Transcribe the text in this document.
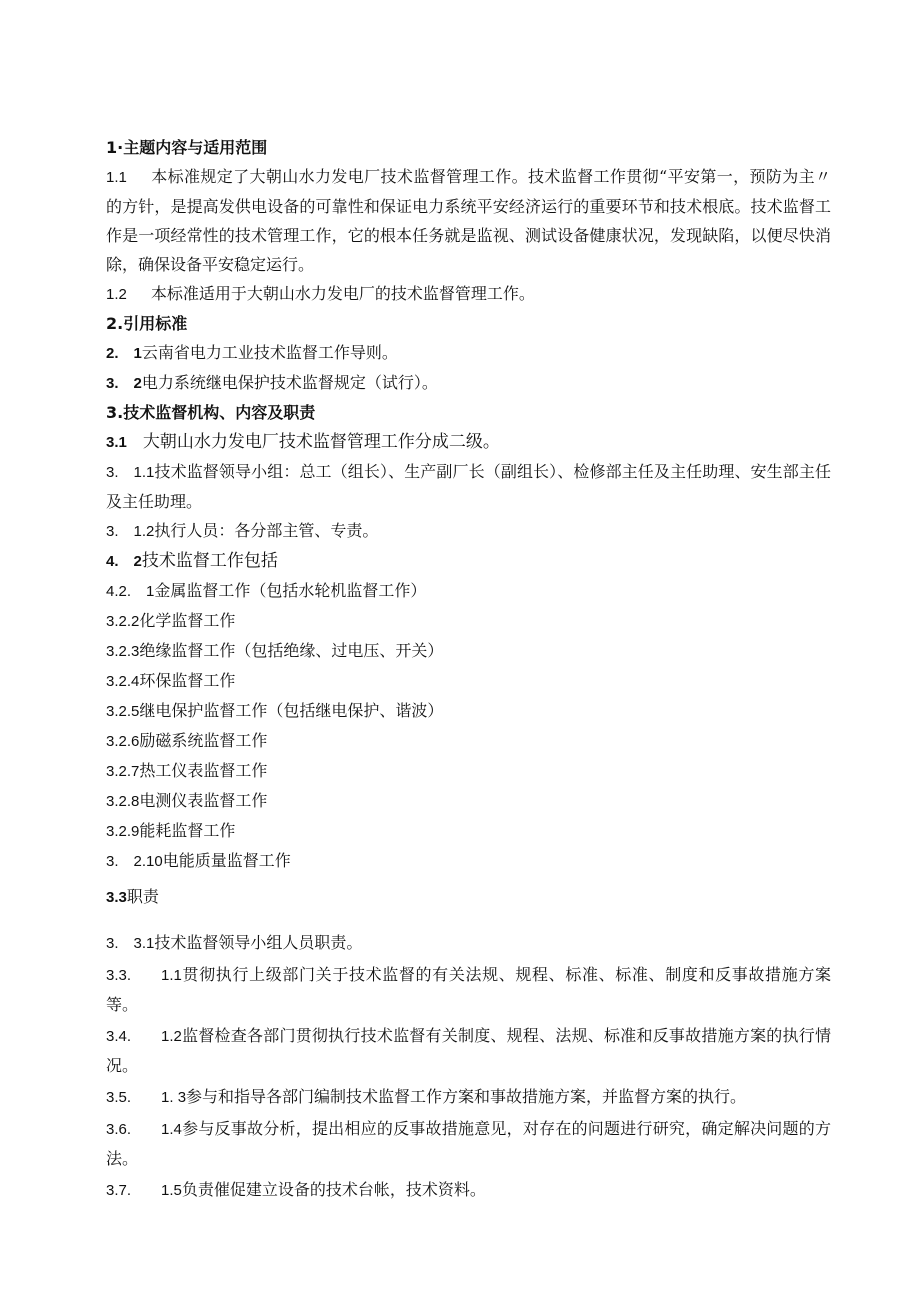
1·主题内容与适用范围
1.1 本标准规定了大朝山水力发电厂技术监督管理工作。技术监督工作贯彻“平安第一，预防为主〃的方针，是提高发供电设备的可靠性和保证电力系统平安经济运行的重要环节和技术根底。技术监督工作是一项经常性的技术管理工作，它的根本任务就是监视、测试设备健康状况，发现缺陷，以便尽快消除，确保设备平安稳定运行。
1.2 本标准适用于大朝山水力发电厂的技术监督管理工作。
2.引用标准
2.　1云南省电力工业技术监督工作导则。
3.　2电力系统继电保护技术监督规定（试行）。
3.技术监督机构、内容及职责
3.1 大朝山水力发电厂技术监督管理工作分成二级。
3.　1.1技术监督领导小组：总工（组长）、生产副厂长（副组长）、检修部主任及主任助理、安生部主任及主任助理。
3.　1.2执行人员：各分部主管、专责。
4.　2技术监督工作包括
4.2.　1金属监督工作（包括水轮机监督工作）
3.2.2化学监督工作
3.2.3绝缘监督工作（包括绝缘、过电压、开关）
3.2.4环保监督工作
3.2.5继电保护监督工作（包括继电保护、谐波）
3.2.6励磁系统监督工作
3.2.7热工仪表监督工作
3.2.8电测仪表监督工作
3.2.9能耗监督工作
3.　2.10电能质量监督工作
3.3职责
3.　3.1技术监督领导小组人员职责。
3.3.　　1.1贯彻执行上级部门关于技术监督的有关法规、规程、标准、标准、制度和反事故措施方案等。
3.4.　　1.2监督检查各部门贯彻执行技术监督有关制度、规程、法规、标准和反事故措施方案的执行情况。
3.5.　　1. 3参与和指导各部门编制技术监督工作方案和事故措施方案，并监督方案的执行。
3.6.　　1.4参与反事故分析，提出相应的反事故措施意见，对存在的问题进行研究，确定解决问题的方法。
3.7.　　1.5负责催促建立设备的技术台帐，技术资料。
